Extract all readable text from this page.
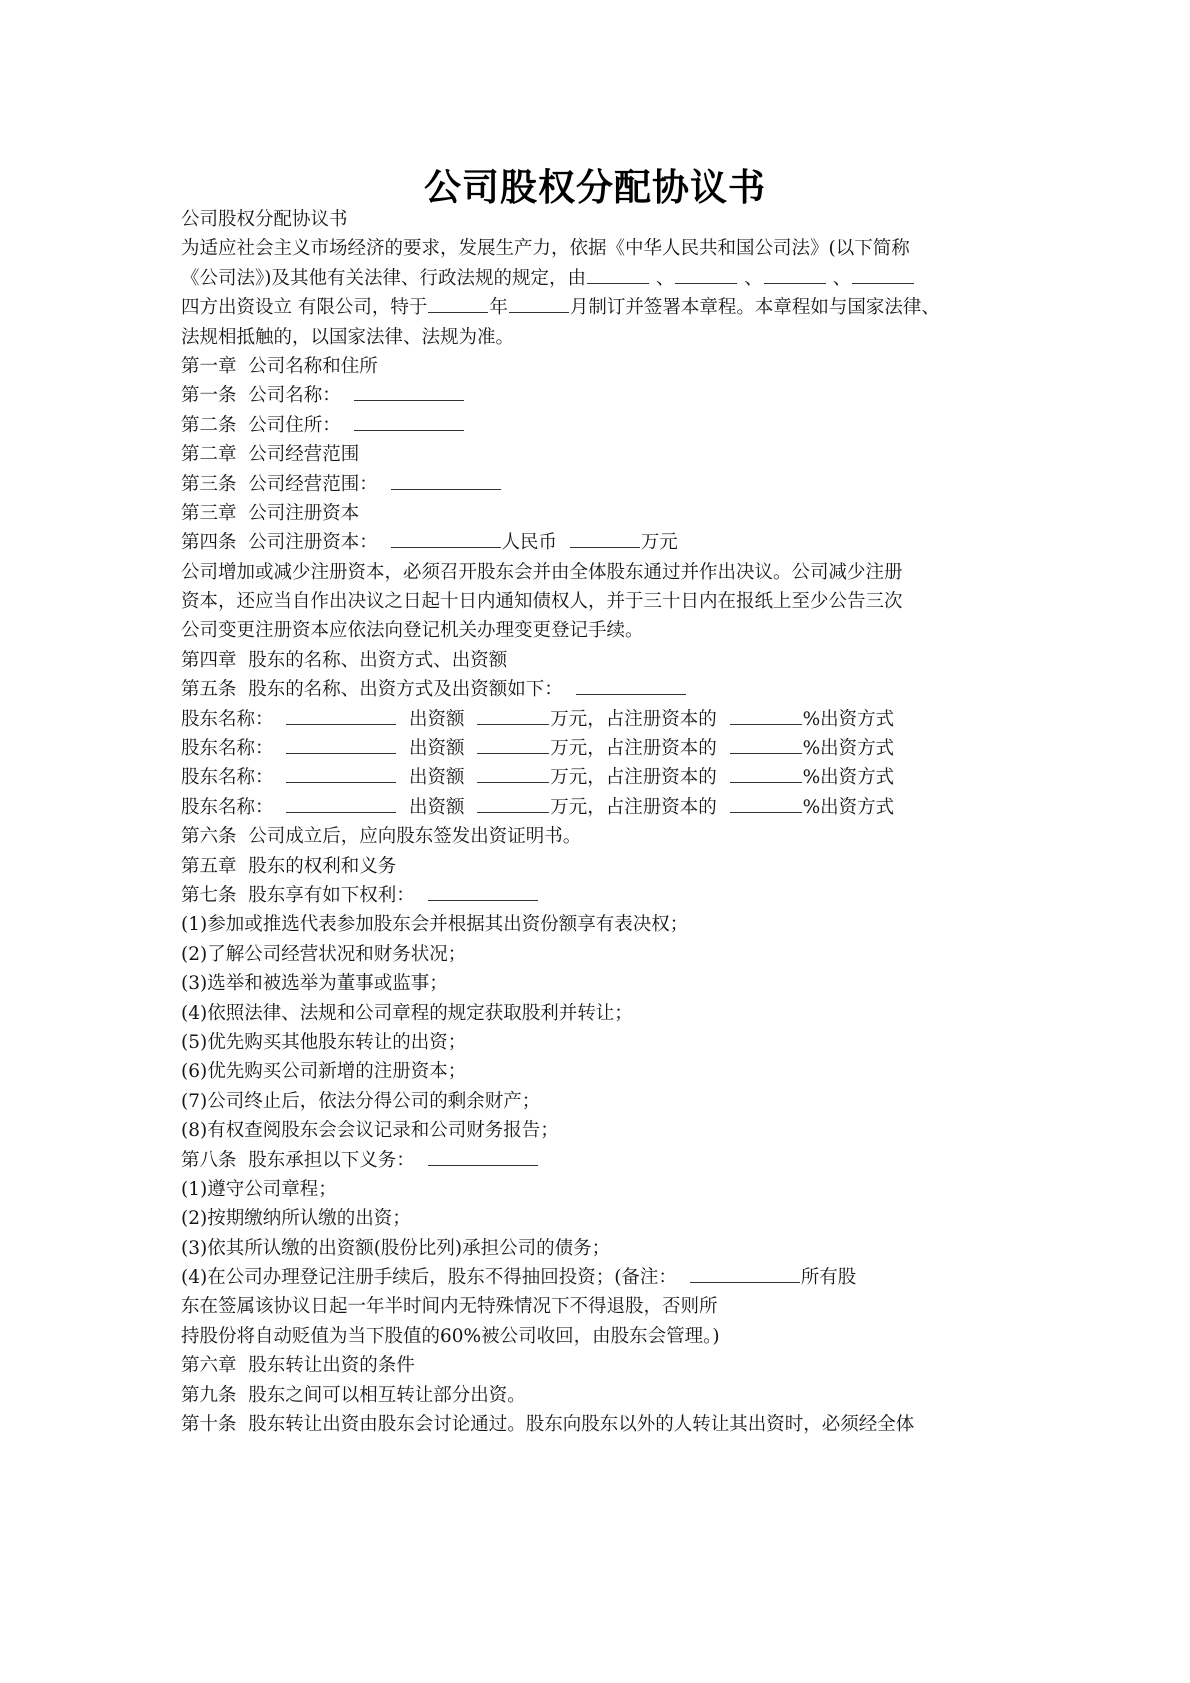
公司股权分配协议书
公司股权分配协议书
为适应社会主义市场经济的要求，发展生产力，依据《中华人民共和国公司法》(以下简称
《公司法》)及其他有关法律、行政法规的规定，由	、	、	、
四方出资设立 有限公司，特于	年	月制订并签署本章程。本章程如与国家法律、
法规相抵触的，以国家法律、法规为准。
第一章  公司名称和住所
第一条  公司名称：
第二条  公司住所：
第二章  公司经营范围
第三条  公司经营范围：
第三章  公司注册资本
第四条  公司注册资本：	人民币	万元
公司增加或减少注册资本，必须召开股东会并由全体股东通过并作出决议。公司减少注册
资本，还应当自作出决议之日起十日内通知债权人，并于三十日内在报纸上至少公告三次
公司变更注册资本应依法向登记机关办理变更登记手续。
第四章  股东的名称、出资方式、出资额
第五条  股东的名称、出资方式及出资额如下：
股东名称：	出资额	万元，占注册资本的	%出资方式
股东名称：	出资额	万元，占注册资本的	%出资方式
股东名称：	出资额	万元，占注册资本的	%出资方式
股东名称：	出资额	万元，占注册资本的	%出资方式
第六条  公司成立后，应向股东签发出资证明书。
第五章  股东的权利和义务
第七条  股东享有如下权利：
(1)参加或推选代表参加股东会并根据其出资份额享有表决权；
(2)了解公司经营状况和财务状况；
(3)选举和被选举为董事或监事；
(4)依照法律、法规和公司章程的规定获取股利并转让；
(5)优先购买其他股东转让的出资；
(6)优先购买公司新增的注册资本；
(7)公司终止后，依法分得公司的剩余财产；
(8)有权查阅股东会会议记录和公司财务报告；
第八条  股东承担以下义务：
(1)遵守公司章程；
(2)按期缴纳所认缴的出资；
(3)依其所认缴的出资额(股份比列)承担公司的债务；
(4)在公司办理登记注册手续后，股东不得抽回投资；(备注：	所有股
东在签属该协议日起一年半时间内无特殊情况下不得退股，否则所
持股份将自动贬值为当下股值的60%被公司收回，由股东会管理。)
第六章  股东转让出资的条件
第九条  股东之间可以相互转让部分出资。
第十条  股东转让出资由股东会讨论通过。股东向股东以外的人转让其出资时，必须经全体
